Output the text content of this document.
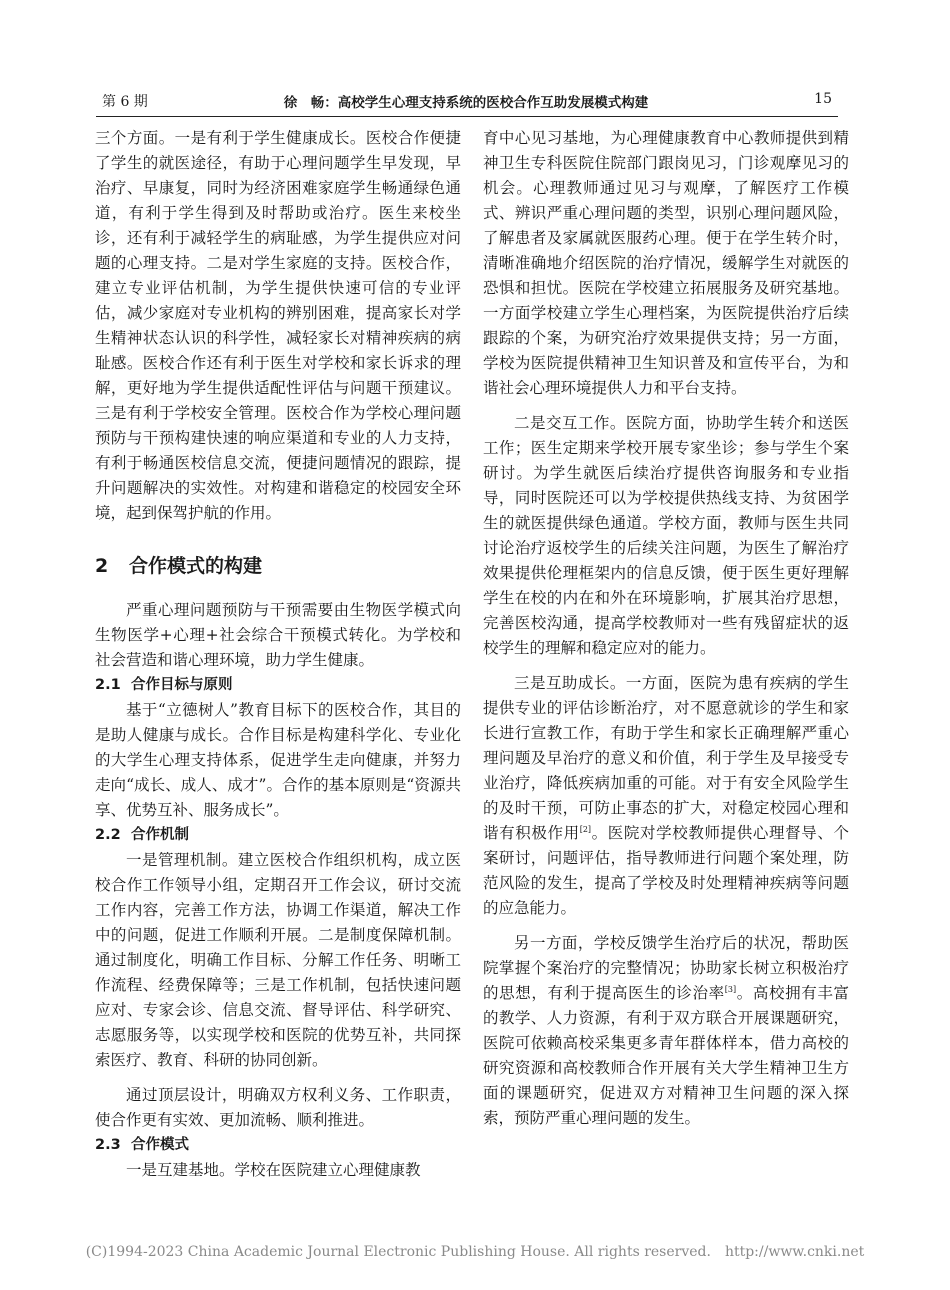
第 6 期	徐　畅：高校学生心理支持系统的医校合作互助发展模式构建	15

三个方面。一是有利于学生健康成长。医校合作便捷了学生的就医途径，有助于心理问题学生早发现，早治疗、早康复，同时为经济困难家庭学生畅通绿色通道，有利于学生得到及时帮助或治疗。医生来校坐诊，还有利于减轻学生的病耻感，为学生提供应对问题的心理支持。二是对学生家庭的支持。医校合作，建立专业评估机制，为学生提供快速可信的专业评估，减少家庭对专业机构的辨别困难，提高家长对学生精神状态认识的科学性，减轻家长对精神疾病的病耻感。医校合作还有利于医生对学校和家长诉求的理解，更好地为学生提供适配性评估与问题干预建议。三是有利于学校安全管理。医校合作为学校心理问题预防与干预构建快速的响应渠道和专业的人力支持，有利于畅通医校信息交流，便捷问题情况的跟踪，提升问题解决的实效性。对构建和谐稳定的校园安全环境，起到保驾护航的作用。

2 合作模式的构建

严重心理问题预防与干预需要由生物医学模式向生物医学+心理+社会综合干预模式转化。为学校和社会营造和谐心理环境，助力学生健康。

2.1 合作目标与原则

基于“立德树人”教育目标下的医校合作，其目的是助人健康与成长。合作目标是构建科学化、专业化的大学生心理支持体系，促进学生走向健康，并努力走向“成长、成人、成才”。合作的基本原则是“资源共享、优势互补、服务成长”。

2.2 合作机制

一是管理机制。建立医校合作组织机构，成立医校合作工作领导小组，定期召开工作会议，研讨交流工作内容，完善工作方法，协调工作渠道，解决工作中的问题，促进工作顺利开展。二是制度保障机制。通过制度化，明确工作目标、分解工作任务、明晰工作流程、经费保障等；三是工作机制，包括快速问题应对、专家会诊、信息交流、督导评估、科学研究、志愿服务等，以实现学校和医院的优势互补，共同探索医疗、教育、科研的协同创新。

通过顶层设计，明确双方权利义务、工作职责，使合作更有实效、更加流畅、顺利推进。

2.3 合作模式

一是互建基地。学校在医院建立心理健康教

育中心见习基地，为心理健康教育中心教师提供到精神卫生专科医院住院部门跟岗见习，门诊观摩见习的机会。心理教师通过见习与观摩，了解医疗工作模式、辨识严重心理问题的类型，识别心理问题风险，了解患者及家属就医服药心理。便于在学生转介时，清晰准确地介绍医院的治疗情况，缓解学生对就医的恐惧和担忧。医院在学校建立拓展服务及研究基地。一方面学校建立学生心理档案，为医院提供治疗后续跟踪的个案，为研究治疗效果提供支持；另一方面，学校为医院提供精神卫生知识普及和宣传平台，为和谐社会心理环境提供人力和平台支持。

二是交互工作。医院方面，协助学生转介和送医工作；医生定期来学校开展专家坐诊；参与学生个案研讨。为学生就医后续治疗提供咨询服务和专业指导，同时医院还可以为学校提供热线支持、为贫困学生的就医提供绿色通道。学校方面，教师与医生共同讨论治疗返校学生的后续关注问题，为医生了解治疗效果提供伦理框架内的信息反馈，便于医生更好理解学生在校的内在和外在环境影响，扩展其治疗思想，完善医校沟通，提高学校教师对一些有残留症状的返校学生的理解和稳定应对的能力。

三是互助成长。一方面，医院为患有疾病的学生提供专业的评估诊断治疗，对不愿意就诊的学生和家长进行宣教工作，有助于学生和家长正确理解严重心理问题及早治疗的意义和价值，利于学生及早接受专业治疗，降低疾病加重的可能。对于有安全风险学生的及时干预，可防止事态的扩大，对稳定校园心理和谐有积极作用[2]。医院对学校教师提供心理督导、个案研讨，问题评估，指导教师进行问题个案处理，防范风险的发生，提高了学校及时处理精神疾病等问题的应急能力。

另一方面，学校反馈学生治疗后的状况，帮助医院掌握个案治疗的完整情况；协助家长树立积极治疗的思想，有利于提高医生的诊治率[3]。高校拥有丰富的教学、人力资源，有利于双方联合开展课题研究，医院可依赖高校采集更多青年群体样本，借力高校的研究资源和高校教师合作开展有关大学生精神卫生方面的课题研究，促进双方对精神卫生问题的深入探索，预防严重心理问题的发生。

(C)1994-2023 China Academic Journal Electronic Publishing House. All rights reserved.　http://www.cnki.net
